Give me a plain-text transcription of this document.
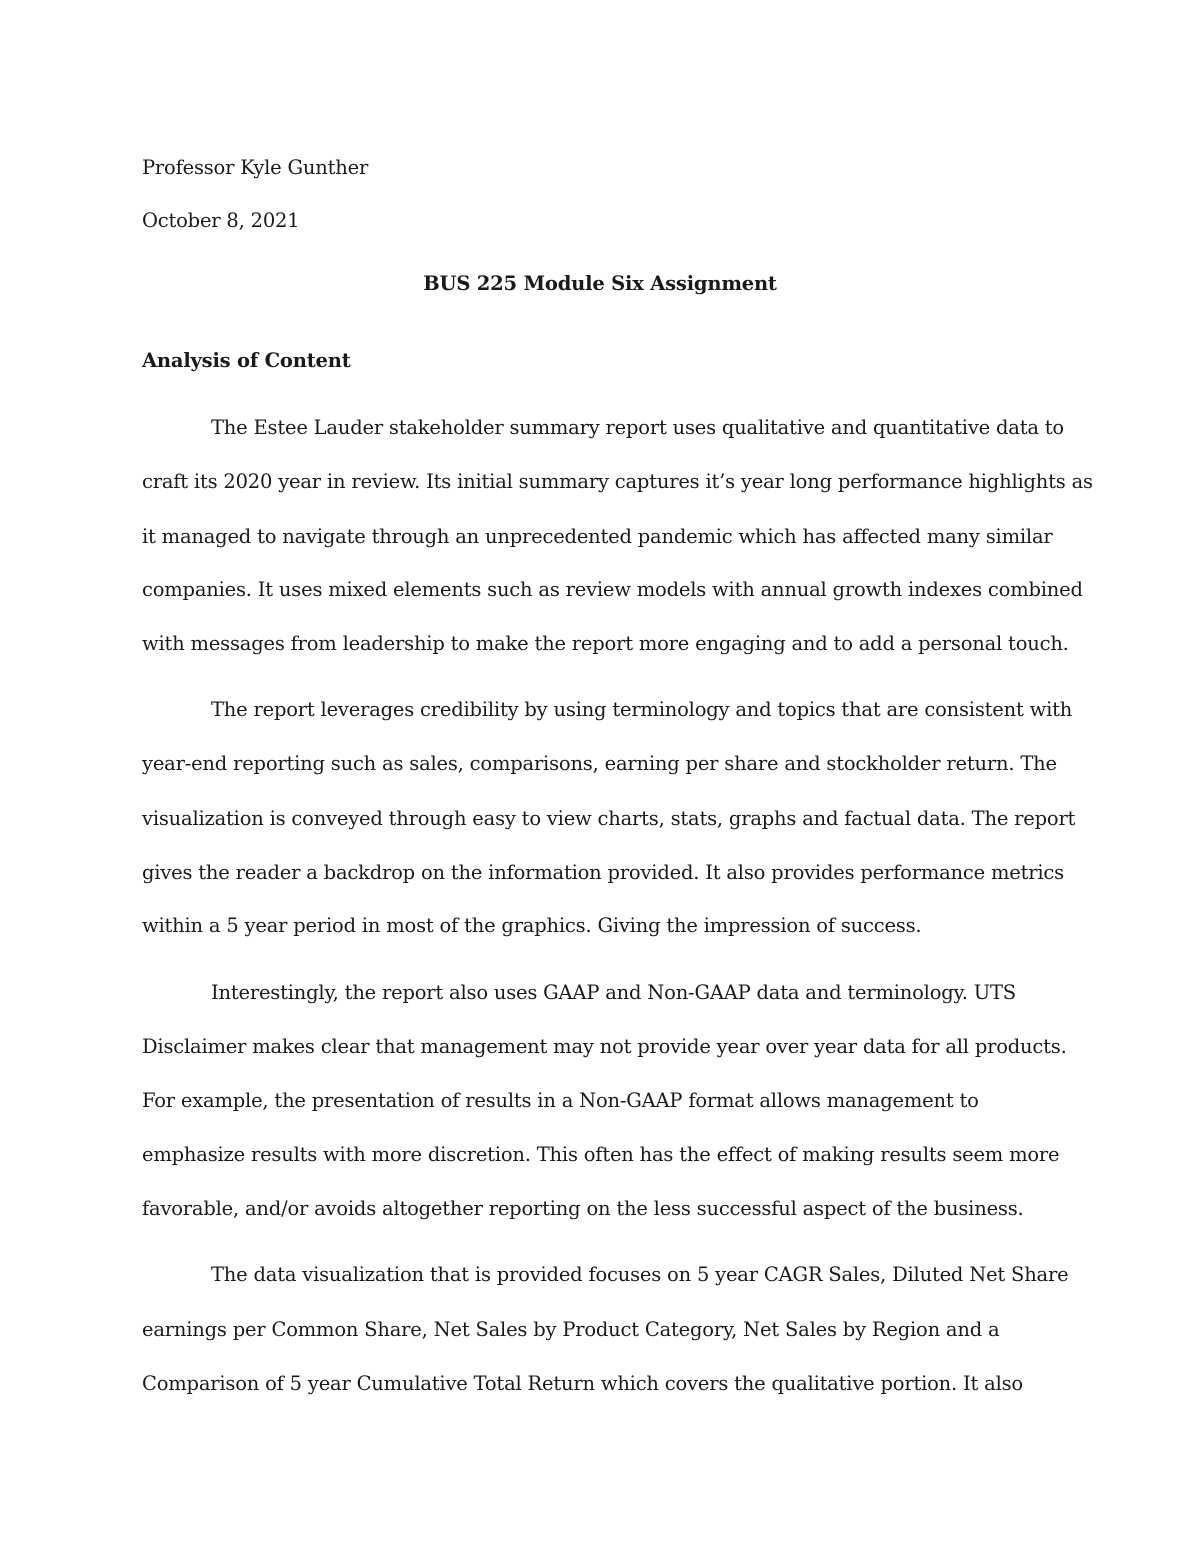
Professor Kyle Gunther
October 8, 2021
BUS 225 Module Six Assignment
Analysis of Content
The Estee Lauder stakeholder summary report uses qualitative and quantitative data to
craft its 2020 year in review. Its initial summary captures it’s year long performance highlights as
it managed to navigate through an unprecedented pandemic which has affected many similar
companies. It uses mixed elements such as review models with annual growth indexes combined
with messages from leadership to make the report more engaging and to add a personal touch.
The report leverages credibility by using terminology and topics that are consistent with
year-end reporting such as sales, comparisons, earning per share and stockholder return. The
visualization is conveyed through easy to view charts, stats, graphs and factual data. The report
gives the reader a backdrop on the information provided. It also provides performance metrics
within a 5 year period in most of the graphics. Giving the impression of success.
Interestingly, the report also uses GAAP and Non-GAAP data and terminology. UTS
Disclaimer makes clear that management may not provide year over year data for all products.
For example, the presentation of results in a Non-GAAP format allows management to
emphasize results with more discretion. This often has the effect of making results seem more
favorable, and/or avoids altogether reporting on the less successful aspect of the business.
The data visualization that is provided focuses on 5 year CAGR Sales, Diluted Net Share
earnings per Common Share, Net Sales by Product Category, Net Sales by Region and a
Comparison of 5 year Cumulative Total Return which covers the qualitative portion. It also
